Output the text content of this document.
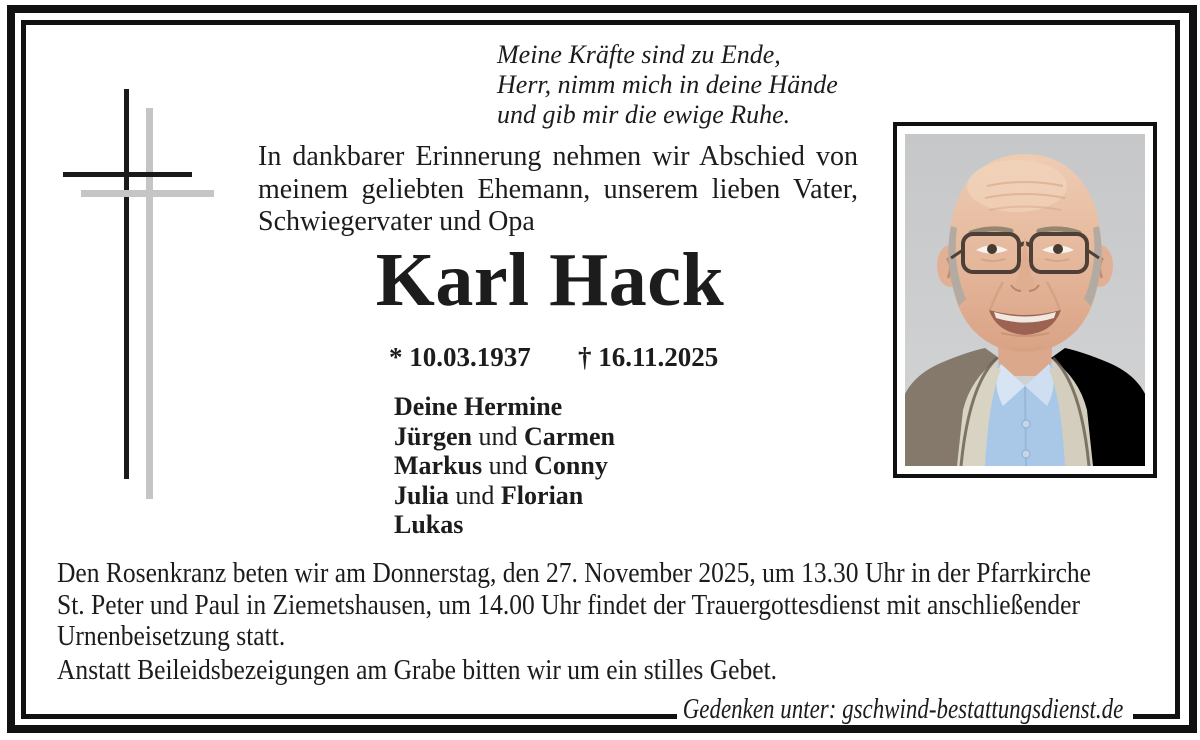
Meine Kräfte sind zu Ende,
Herr, nimm mich in deine Hände
und gib mir die ewige Ruhe.
In dankbarer Erinnerung nehmen wir Abschied von meinem geliebten Ehemann, unserem lieben Vater, Schwiegervater und Opa
Karl Hack
* 10.03.1937 † 16.11.2025
Deine Hermine
Jürgen und Carmen
Markus und Conny
Julia und Florian
Lukas
Den Rosenkranz beten wir am Donnerstag, den 27. November 2025, um 13.30 Uhr in der Pfarrkirche
St. Peter und Paul in Ziemetshausen, um 14.00 Uhr findet der Trauergottesdienst mit anschließender
Urnenbeisetzung statt.
Anstatt Beileidsbezeigungen am Grabe bitten wir um ein stilles Gebet.
Gedenken unter: gschwind-bestattungsdienst.de
